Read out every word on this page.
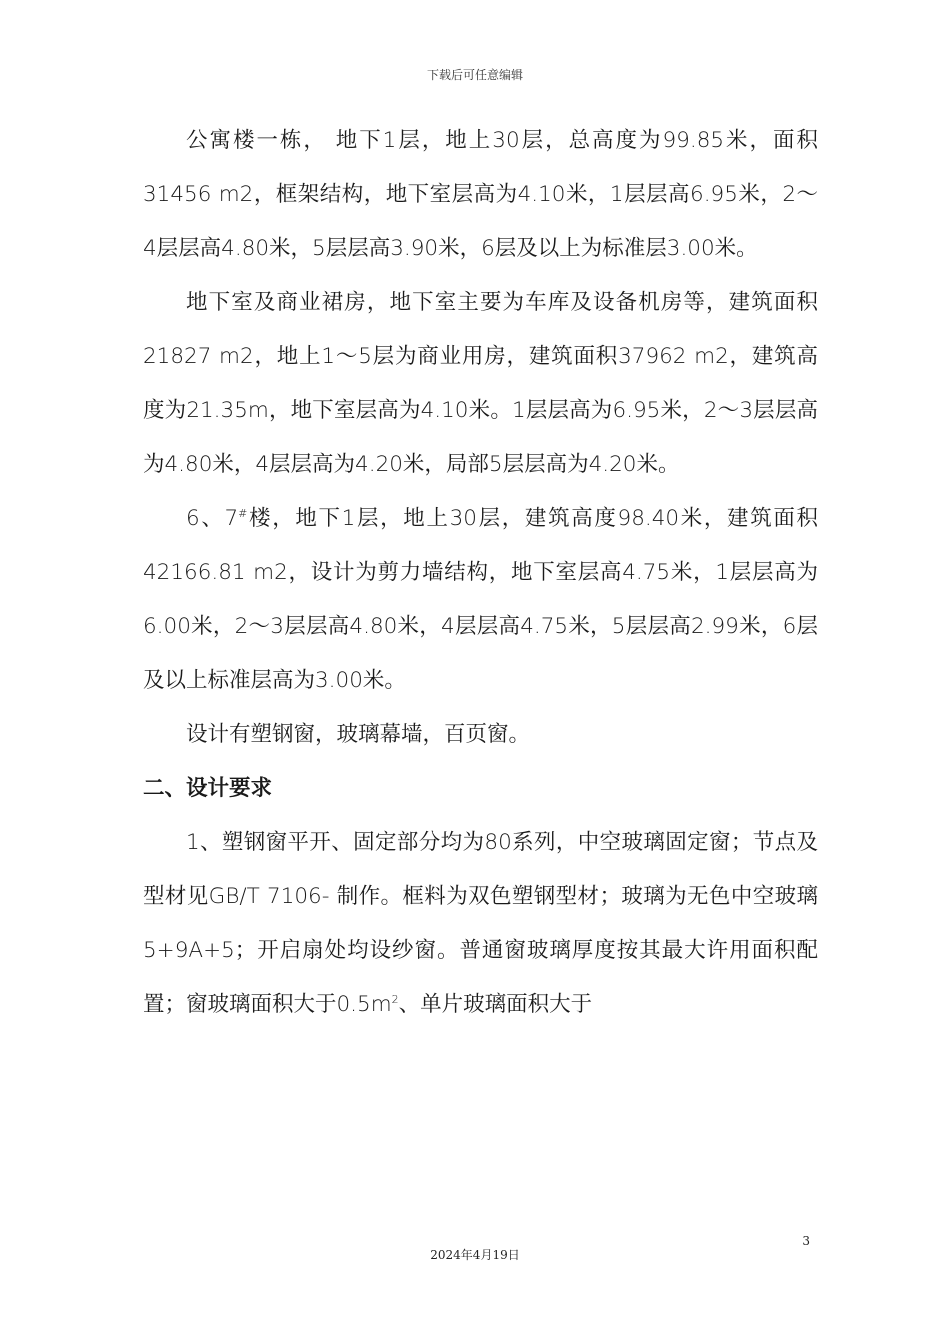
下载后可任意编辑

公寓楼一栋， 地下1层，地上30层，总高度为99.85米，面积31456 m2，框架结构，地下室层高为4.10米，1层层高6.95米，2～4层层高4.80米，5层层高3.90米，6层及以上为标准层3.00米。

地下室及商业裙房，地下室主要为车库及设备机房等，建筑面积21827 m2，地上1～5层为商业用房，建筑面积37962 m2，建筑高度为21.35m，地下室层高为4.10米。1层层高为6.95米，2～3层层高为4.80米，4层层高为4.20米，局部5层层高为4.20米。

6、7#楼，地下1层，地上30层，建筑高度98.40米，建筑面积42166.81 m2，设计为剪力墙结构，地下室层高4.75米，1层层高为6.00米，2～3层层高4.80米，4层层高4.75米，5层层高2.99米，6层及以上标准层高为3.00米。

设计有塑钢窗，玻璃幕墙，百页窗。

二、设计要求

1、塑钢窗平开、固定部分均为80系列，中空玻璃固定窗；节点及型材见GB/T 7106- 制作。框料为双色塑钢型材；玻璃为无色中空玻璃5+9A+5；开启扇处均设纱窗。普通窗玻璃厚度按其最大许用面积配置；窗玻璃面积大于$0.5m^2$、单片玻璃面积大于

3
2024年4月19日
